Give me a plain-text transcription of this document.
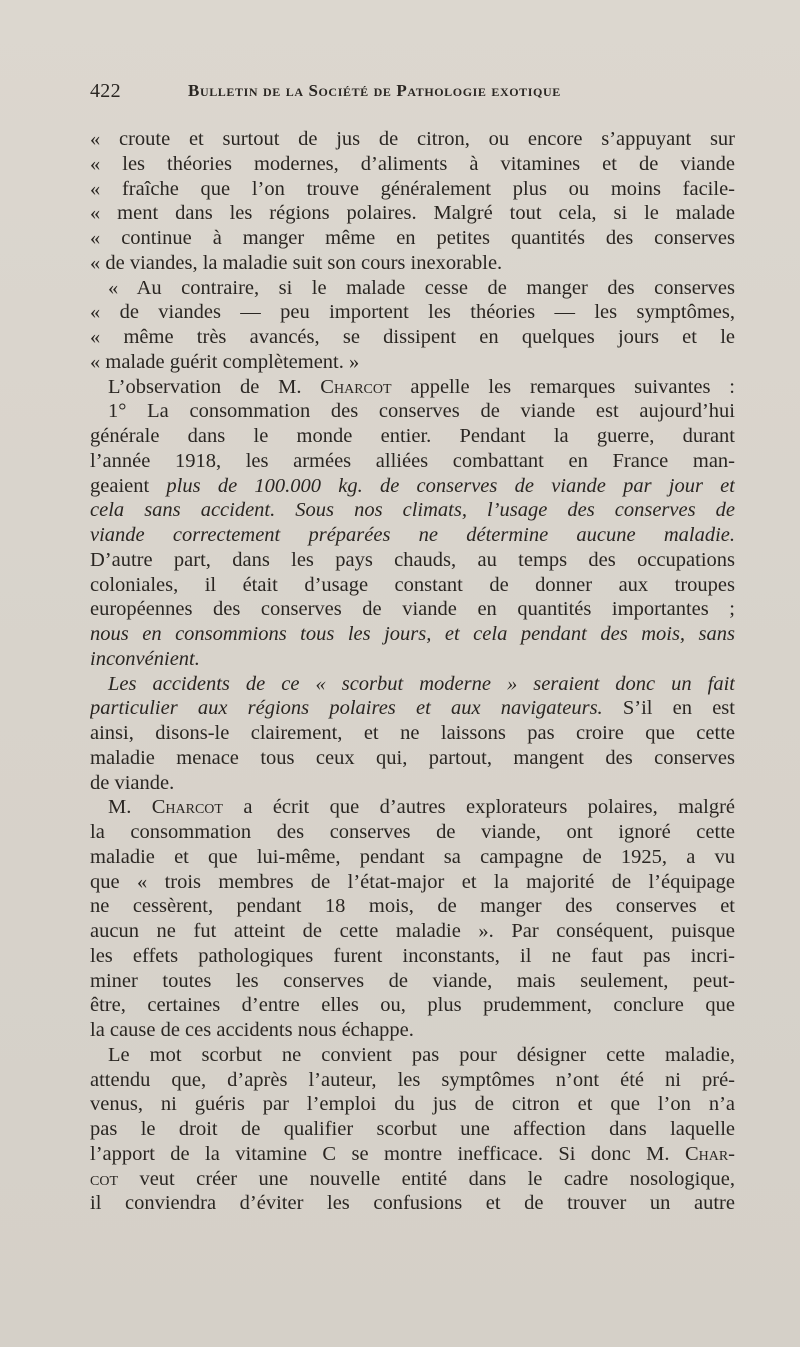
422	Bulletin de la Société de Pathologie exotique
« croute et surtout de jus de citron, ou encore s’appuyant sur
« les théories modernes, d’aliments à vitamines et de viande
« fraîche que l’on trouve généralement plus ou moins facile-
« ment dans les régions polaires. Malgré tout cela, si le malade
« continue à manger même en petites quantités des conserves
« de viandes, la maladie suit son cours inexorable.
« Au contraire, si le malade cesse de manger des conserves
« de viandes — peu importent les théories — les symptômes,
« même très avancés, se dissipent en quelques jours et le
« malade guérit complètement. »
L’observation de M. Charcot appelle les remarques suivantes :
1° La consommation des conserves de viande est aujourd’hui
générale dans le monde entier. Pendant la guerre, durant
l’année 1918, les armées alliées combattant en France man-
geaient plus de 100.000 kg. de conserves de viande par jour et
cela sans accident. Sous nos climats, l’usage des conserves de
viande correctement préparées ne détermine aucune maladie.
D’autre part, dans les pays chauds, au temps des occupations
coloniales, il était d’usage constant de donner aux troupes
européennes des conserves de viande en quantités importantes ;
nous en consommions tous les jours, et cela pendant des mois, sans
inconvénient.
Les accidents de ce « scorbut moderne » seraient donc un fait
particulier aux régions polaires et aux navigateurs. S’il en est
ainsi, disons-le clairement, et ne laissons pas croire que cette
maladie menace tous ceux qui, partout, mangent des conserves
de viande.
M. Charcot a écrit que d’autres explorateurs polaires, malgré
la consommation des conserves de viande, ont ignoré cette
maladie et que lui-même, pendant sa campagne de 1925, a vu
que « trois membres de l’état-major et la majorité de l’équipage
ne cessèrent, pendant 18 mois, de manger des conserves et
aucun ne fut atteint de cette maladie ». Par conséquent, puisque
les effets pathologiques furent inconstants, il ne faut pas incri-
miner toutes les conserves de viande, mais seulement, peut-
être, certaines d’entre elles ou, plus prudemment, conclure que
la cause de ces accidents nous échappe.
Le mot scorbut ne convient pas pour désigner cette maladie,
attendu que, d’après l’auteur, les symptômes n’ont été ni pré-
venus, ni guéris par l’emploi du jus de citron et que l’on n’a
pas le droit de qualifier scorbut une affection dans laquelle
l’apport de la vitamine C se montre inefficace. Si donc M. Char-
cot veut créer une nouvelle entité dans le cadre nosologique,
il conviendra d’éviter les confusions et de trouver un autre
